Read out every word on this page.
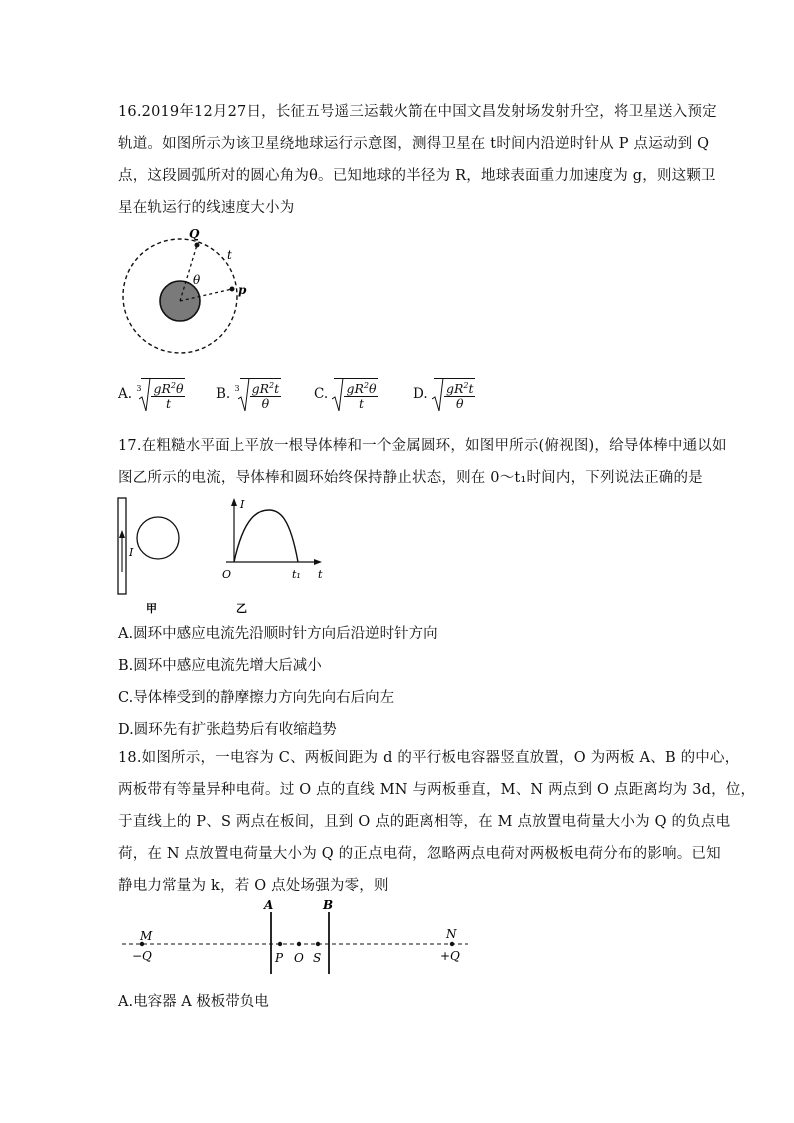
16.2019年12月27日，长征五号遥三运载火箭在中国文昌发射场发射升空，将卫星送入预定
轨道。如图所示为该卫星绕地球运行示意图，测得卫星在 t时间内沿逆时针从 P 点运动到 Q
点，这段圆弧所对的圆心角为θ。已知地球的半径为 R，地球表面重力加速度为 g，则这颗卫
星在轨运行的线速度大小为
Q
t
θ
p
A. $3 \frac{gR^2\theta}{t} B$. $3 \frac{gR^2t}{\theta} C$. $\frac{gR^2\theta}{t}$	D. $\frac{gR^2t}{\theta}$
17.在粗糙水平面上平放一根导体棒和一个金属圆环，如图甲所示(俯视图)，给导体棒中通以如
图乙所示的电流，导体棒和圆环始终保持静止状态，则在 0～t₁时间内，下列说法正确的是
I
甲
I
t
O	t₁
乙
A.圆环中感应电流先沿顺时针方向后沿逆时针方向
B.圆环中感应电流先增大后减小
C.导体棒受到的静摩擦力方向先向右后向左
D.圆环先有扩张趋势后有收缩趋势
18.如图所示，一电容为 C、两板间距为 d 的平行板电容器竖直放置，O 为两板 A、B 的中心，
两板带有等量异种电荷。过 O 点的直线 MN 与两板垂直，M、N 两点到 O 点距离均为 3d，位，
于直线上的 P、S 两点在板间，且到 O 点的距离相等，在 M 点放置电荷量大小为 Q 的负点电
荷，在 N 点放置电荷量大小为 Q 的正点电荷，忽略两点电荷对两极板电荷分布的影响。已知
静电力常量为 k，若 O 点处场强为零，则
A	B
M
−Q
N
+Q
P O S
A.电容器 A 极板带负电
